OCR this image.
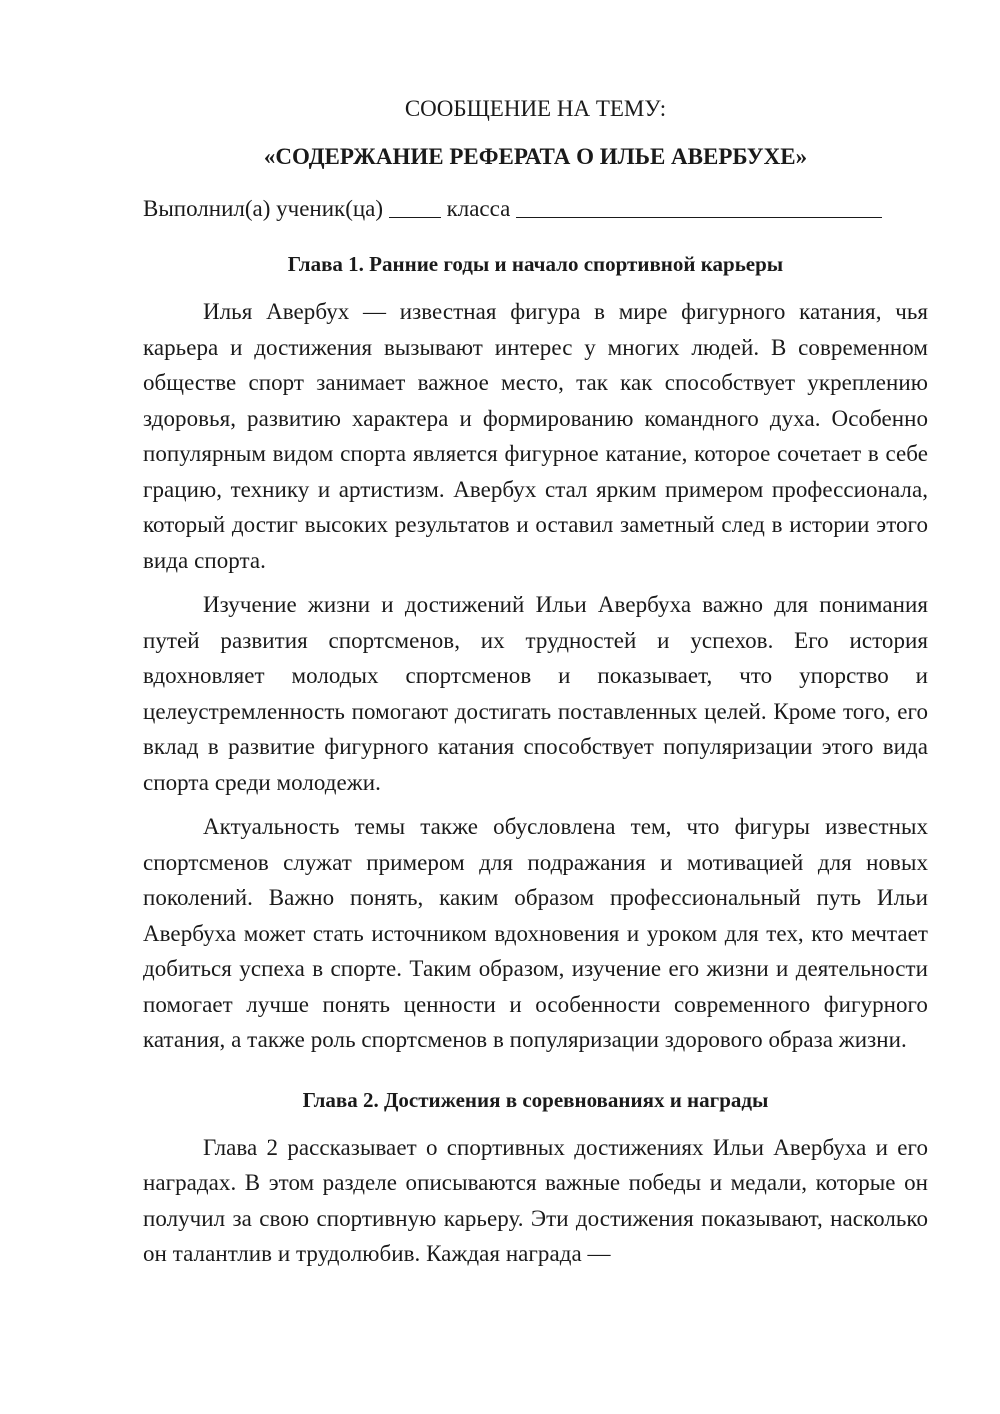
СООБЩЕНИЕ НА ТЕМУ:
«СОДЕРЖАНИЕ РЕФЕРАТА О ИЛЬЕ АВЕРБУХЕ»
Выполнил(а) ученик(ца)	класса
Глава 1. Ранние годы и начало спортивной карьеры

Илья Авербух — известная фигура в мире фигурного катания, чья карьера и достижения вызывают интерес у многих людей. В современном обществе спорт занимает важное место, так как способствует укреплению здоровья, развитию характера и формированию командного духа. Особенно популярным видом спорта является фигурное катание, которое сочетает в себе грацию, технику и артистизм. Авербух стал ярким примером профессионала, который достиг высоких результатов и оставил заметный след в истории этого вида спорта.

Изучение жизни и достижений Ильи Авербуха важно для понимания путей развития спортсменов, их трудностей и успехов. Его история вдохновляет молодых спортсменов и показывает, что упорство и целеустремленность помогают достигать поставленных целей. Кроме того, его вклад в развитие фигурного катания способствует популяризации этого вида спорта среди молодежи.

Актуальность темы также обусловлена тем, что фигуры известных спортсменов служат примером для подражания и мотивацией для новых поколений. Важно понять, каким образом профессиональный путь Ильи Авербуха может стать источником вдохновения и уроком для тех, кто мечтает добиться успеха в спорте. Таким образом, изучение его жизни и деятельности помогает лучше понять ценности и особенности современного фигурного катания, а также роль спортсменов в популяризации здорового образа жизни.

Глава 2. Достижения в соревнованиях и награды

Глава 2 рассказывает о спортивных достижениях Ильи Авербуха и его наградах. В этом разделе описываются важные победы и медали, которые он получил за свою спортивную карьеру. Эти достижения показывают, насколько он талантлив и трудолюбив. Каждая награда —
